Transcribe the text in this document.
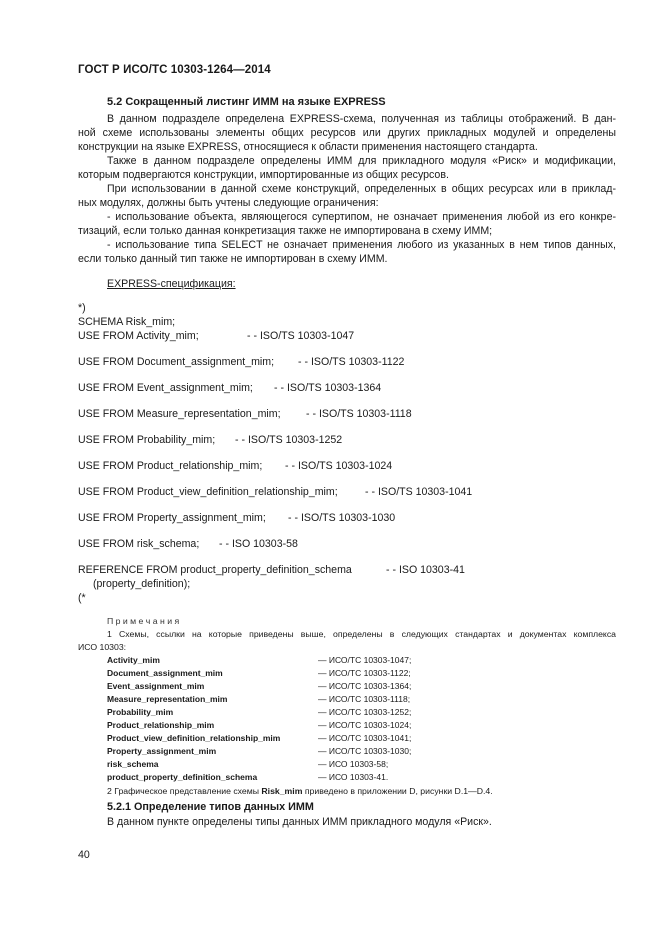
ГОСТ Р ИСО/ТС 10303-1264—2014
5.2 Сокращенный листинг ИММ на языке EXPRESS
В данном подразделе определена EXPRESS-схема, полученная из таблицы отображений. В дан-
ной схеме использованы элементы общих ресурсов или других прикладных модулей и определены
конструкции на языке EXPRESS, относящиеся к области применения настоящего стандарта.
Также в данном подразделе определены ИММ для прикладного модуля «Риск» и модификации,
которым подвергаются конструкции, импортированные из общих ресурсов.
При использовании в данной схеме конструкций, определенных в общих ресурсах или в приклад-
ных модулях, должны быть учтены следующие ограничения:
- использование объекта, являющегося супертипом, не означает применения любой из его конкре-
тизаций, если только данная конкретизация также не импортирована в схему ИММ;
- использование типа SELECT не означает применения любого из указанных в нем типов данных,
если только данный тип также не импортирован в схему ИММ.
EXPRESS-спецификация:
*)
SCHEMA Risk_mim;
USE FROM Activity_mim;	- - ISO/TS 10303-1047
USE FROM Document_assignment_mim; - - ISO/TS 10303-1122
USE FROM Event_assignment_mim; - - ISO/TS 10303-1364
USE FROM Measure_representation_mim; - - ISO/TS 10303-1118
USE FROM Probability_mim; - - ISO/TS 10303-1252
USE FROM Product_relationship_mim; - - ISO/TS 10303-1024
USE FROM Product_view_definition_relationship_mim;	- - ISO/TS 10303-1041
USE FROM Property_assignment_mim; - - ISO/TS 10303-1030
USE FROM risk_schema; - - ISO 10303-58
REFERENCE FROM product_property_definition_schema	- - ISO 10303-41
(property_definition);
(*
П р и м е ч а н и я
1 Схемы, ссылки на которые приведены выше, определены в следующих стандартах и документах комплекса
ИСО 10303:
Activity_mim	— ИСО/ТС 10303-1047;
Document_assignment_mim	— ИСО/ТС 10303-1122;
Event_assignment_mim	— ИСО/ТС 10303-1364;
Measure_representation_mim	— ИСО/ТС 10303-1118;
Probability_mim	— ИСО/ТС 10303-1252;
Product_relationship_mim	— ИСО/ТС 10303-1024;
Product_view_definition_relationship_mim	— ИСО/ТС 10303-1041;
Property_assignment_mim	— ИСО/ТС 10303-1030;
risk_schema	— ИСО 10303-58;
product_property_definition_schema	— ИСО 10303-41.
2 Графическое представление схемы Risk_mim приведено в приложении D, рисунки D.1—D.4.
5.2.1 Определение типов данных ИММ
В данном пункте определены типы данных ИММ прикладного модуля «Риск».
40
